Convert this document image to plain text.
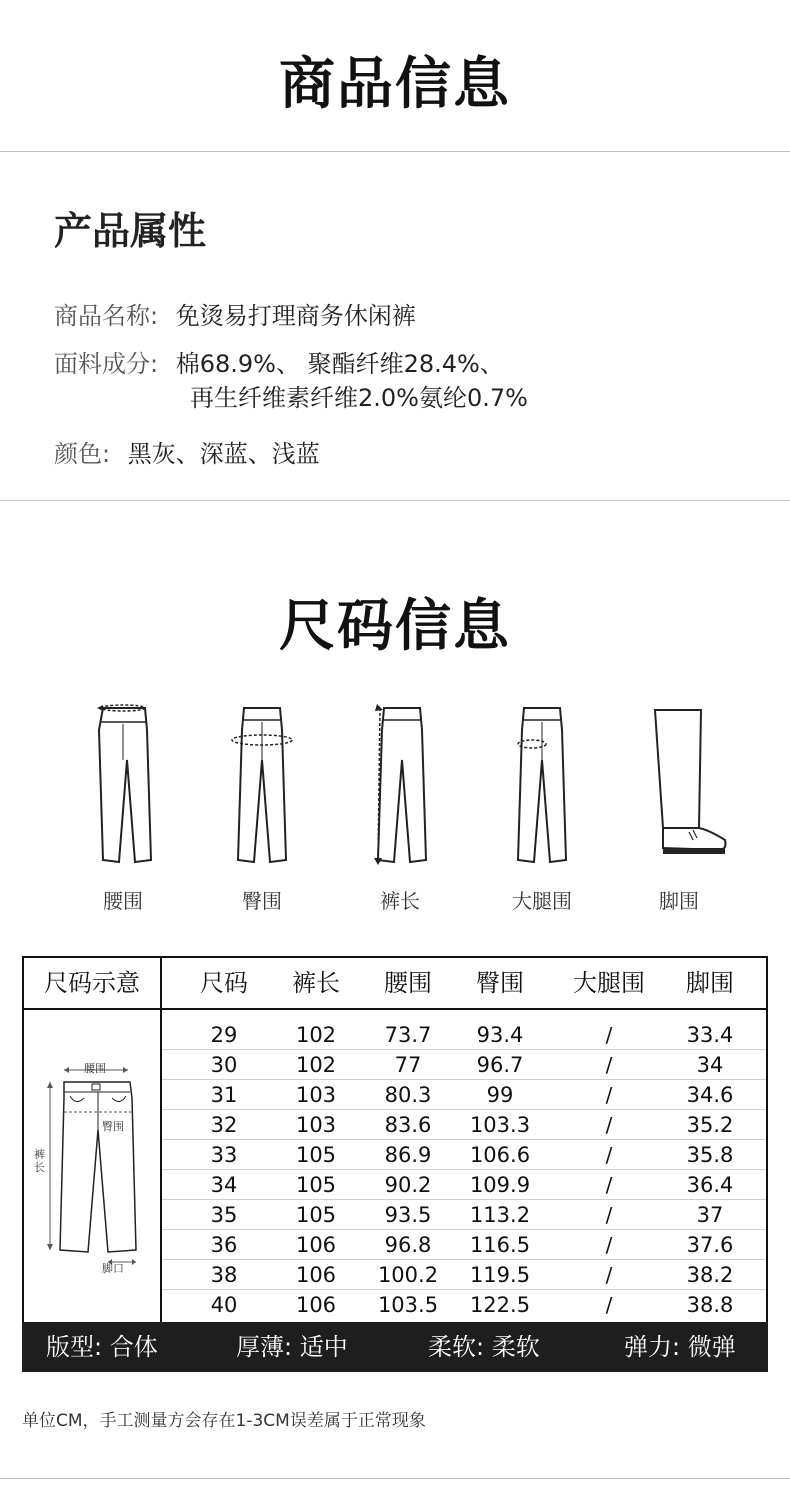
商品信息
产品属性
商品名称: 免烫易打理商务休闲裤
面料成分: 棉68.9%、 聚酯纤维28.4%、
再生纤维素纤维2.0%氨纶0.7%
颜色: 黑灰、深蓝、浅蓝
尺码信息
腰围	臀围	裤长	大腿围	脚围
尺码示意	尺码	裤长	腰围	臀围	大腿围	脚围
腰围
臀围
裤长
脚口
29	102	73.7	93.4	/	33.4
30	102	77	96.7	/	34
31	103	80.3	99	/	34.6
32	103	83.6	103.3	/	35.2
33	105	86.9	106.6	/	35.8
34	105	90.2	109.9	/	36.4
35	105	93.5	113.2	/	37
36	106	96.8	116.5	/	37.6
38	106	100.2	119.5	/	38.2
40	106	103.5	122.5	/	38.8
版型: 合体	厚薄: 适中	柔软: 柔软	弹力: 微弹
单位CM，手工测量方会存在1-3CM误差属于正常现象
